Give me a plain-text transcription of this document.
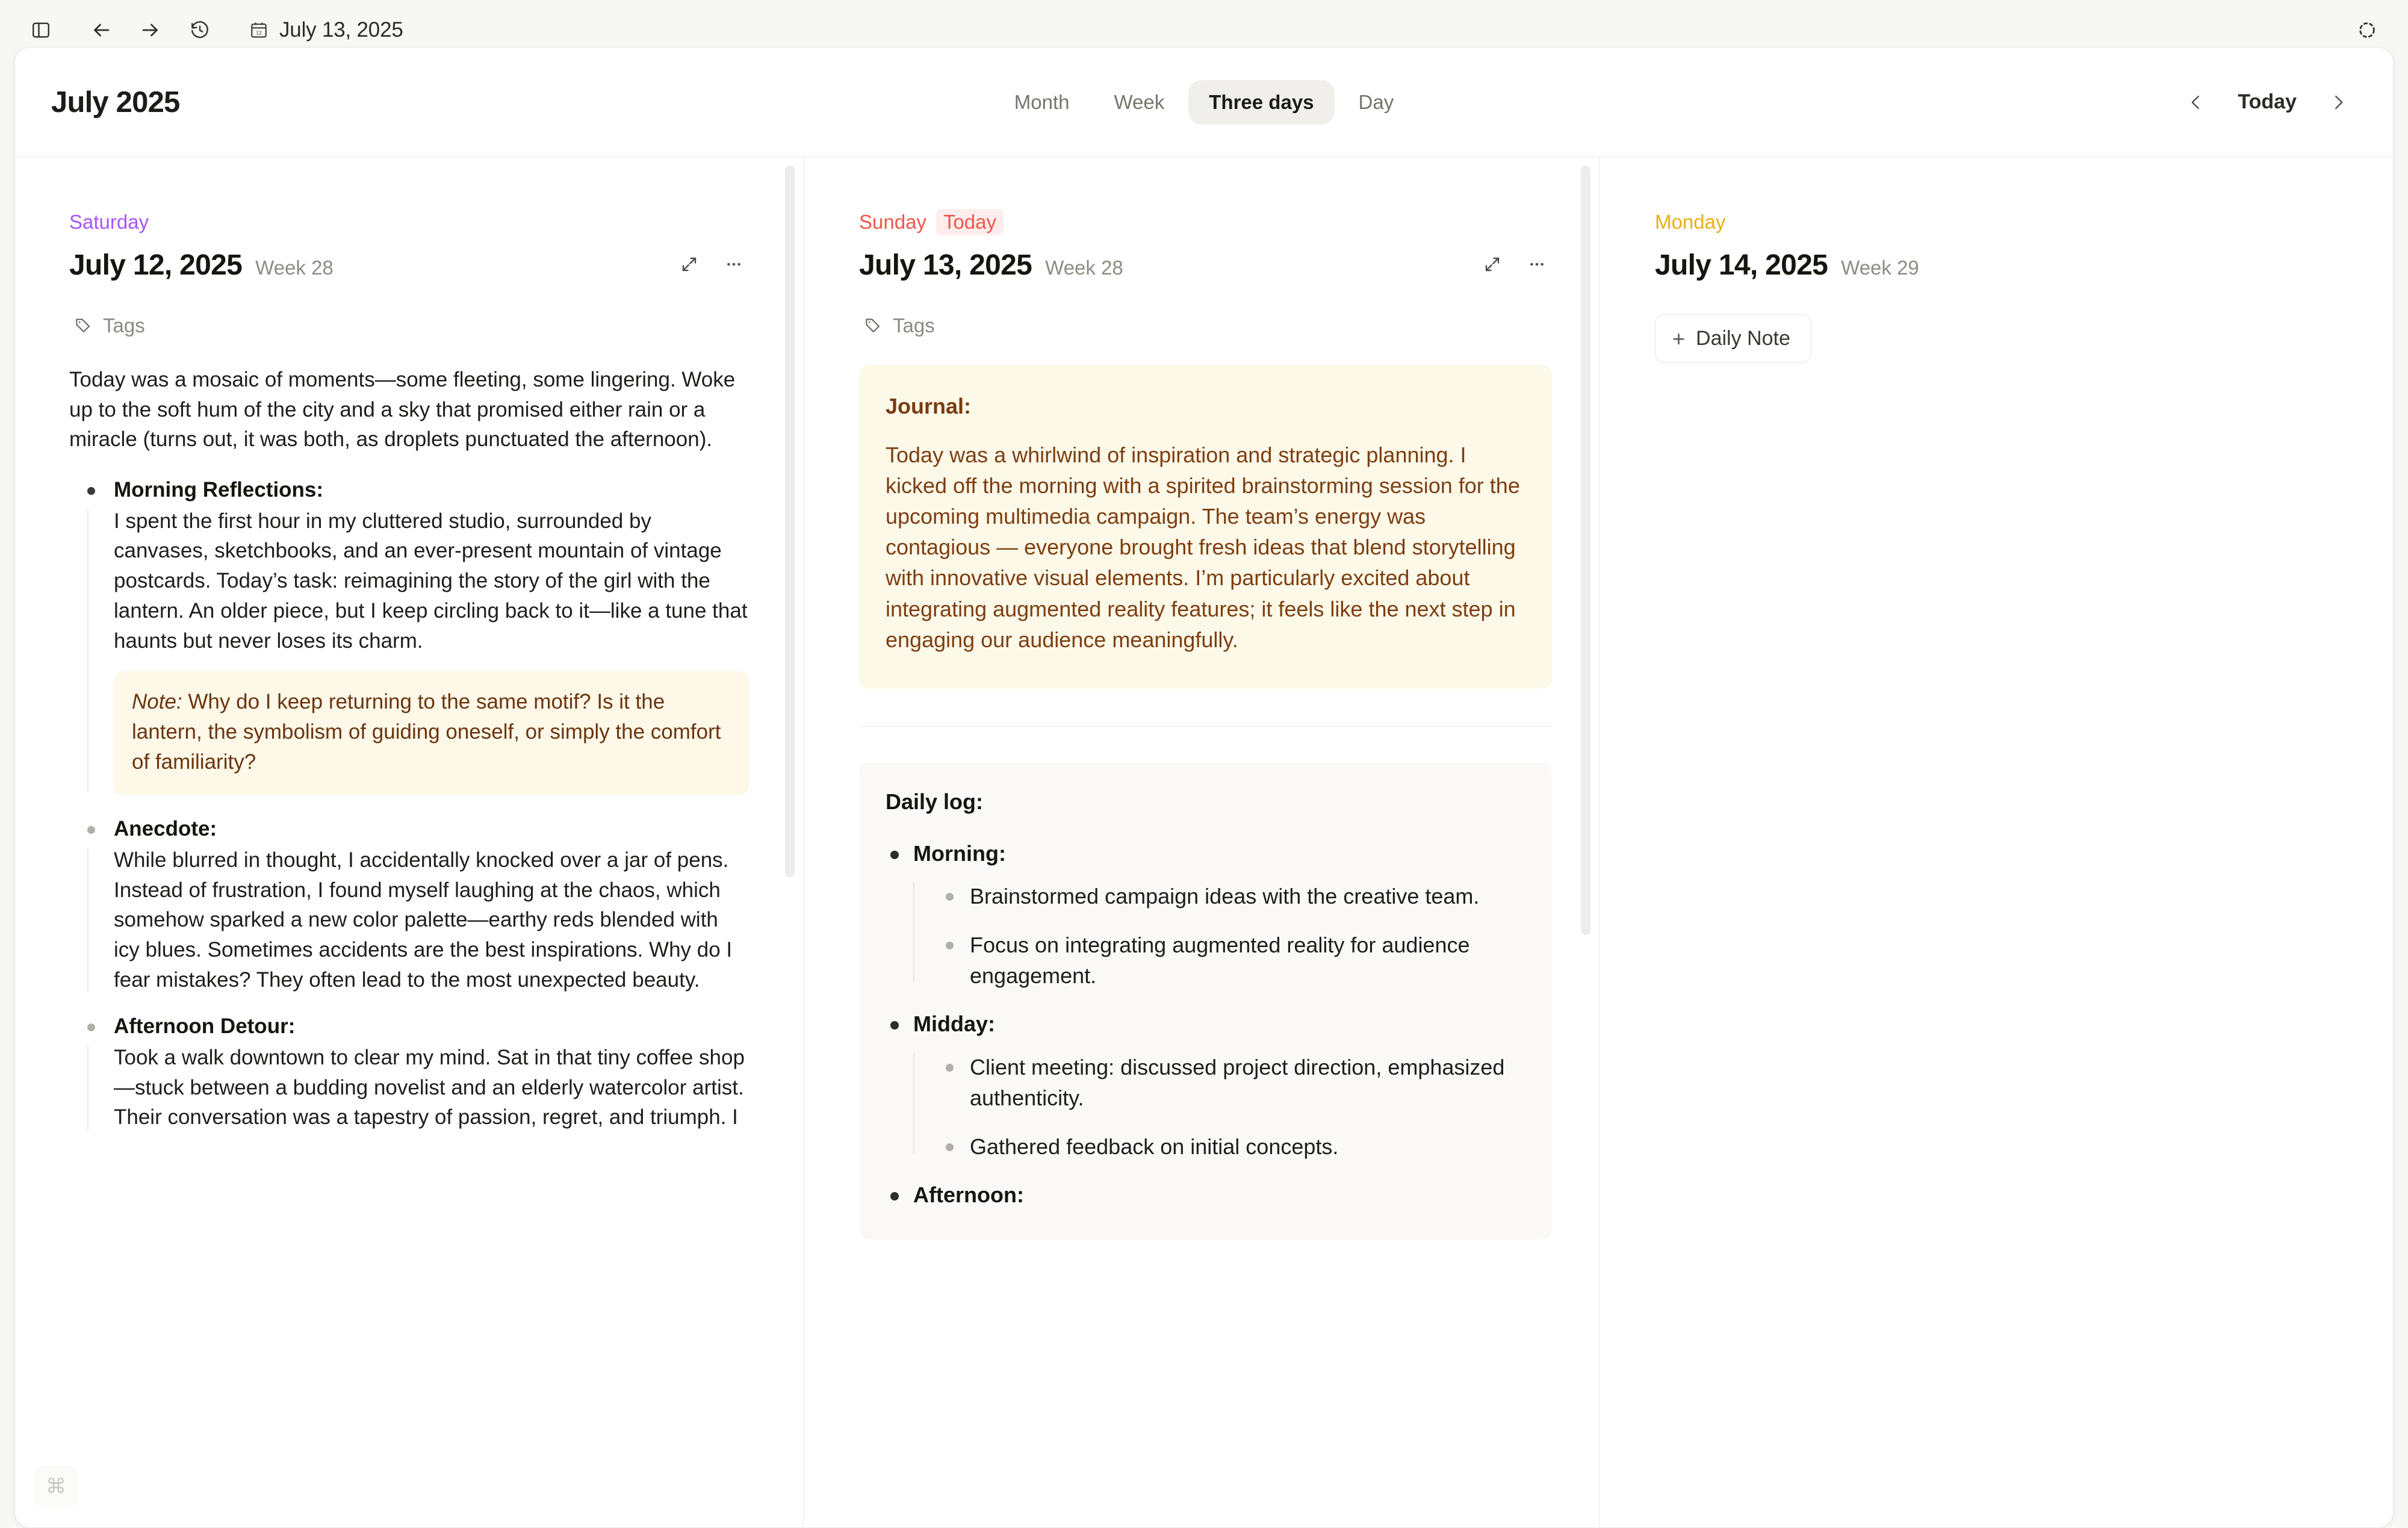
12 July 13, 2025
July 2025	Month	Week	Three days	Day	Today
Saturday
July 12, 2025 Week 28
Tags
Today was a mosaic of moments—some fleeting, some lingering. Woke up to the soft hum of the city and a sky that promised either rain or a miracle (turns out, it was both, as droplets punctuated the afternoon).
Morning Reflections:
I spent the first hour in my cluttered studio, surrounded by canvases, sketchbooks, and an ever-present mountain of vintage postcards. Today’s task: reimagining the story of the girl with the lantern. An older piece, but I keep circling back to it—like a tune that haunts but never loses its charm.
Note: Why do I keep returning to the same motif? Is it the lantern, the symbolism of guiding oneself, or simply the comfort of familiarity?
Anecdote:
While blurred in thought, I accidentally knocked over a jar of pens. Instead of frustration, I found myself laughing at the chaos, which somehow sparked a new color palette—earthy reds blended with icy blues. Sometimes accidents are the best inspirations. Why do I fear mistakes? They often lead to the most unexpected beauty.
Afternoon Detour:
Took a walk downtown to clear my mind. Sat in that tiny coffee shop—stuck between a budding novelist and an elderly watercolor artist. Their conversation was a tapestry of passion, regret, and triumph. I
Sunday Today
July 13, 2025 Week 28
Tags
Journal:
Today was a whirlwind of inspiration and strategic planning. I kicked off the morning with a spirited brainstorming session for the upcoming multimedia campaign. The team’s energy was contagious — everyone brought fresh ideas that blend storytelling with innovative visual elements. I’m particularly excited about integrating augmented reality features; it feels like the next step in engaging our audience meaningfully.
Daily log:
Morning:
Brainstormed campaign ideas with the creative team.
Focus on integrating augmented reality for audience engagement.
Midday:
Client meeting: discussed project direction, emphasized authenticity.
Gathered feedback on initial concepts.
Afternoon:
Monday
July 14, 2025 Week 29
+ Daily Note
⌘
